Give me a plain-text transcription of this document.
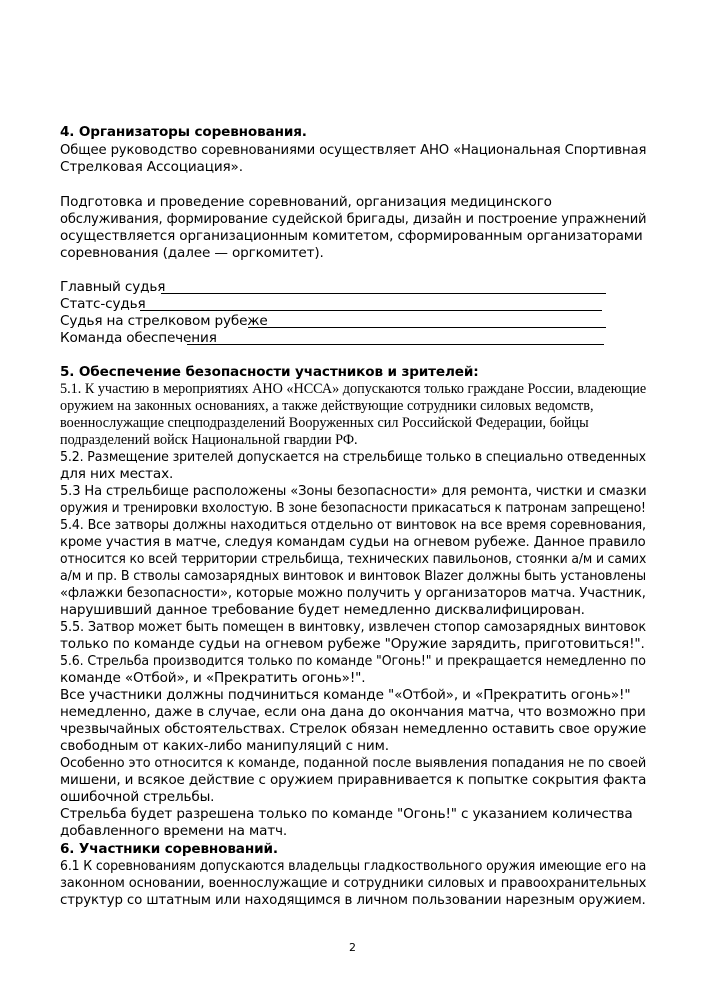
4. Организаторы соревнования.
Общее руководство соревнованиями осуществляет АНО «Национальная Спортивная
Стрелковая Ассоциация».
Подготовка и проведение соревнований, организация медицинского
обслуживания, формирование судейской бригады, дизайн и построение упражнений
осуществляется организационным комитетом, сформированным организаторами
соревнования (далее — оргкомитет).
Главный судья
Статс-судья
Судья на стрелковом рубеже
Команда обеспечения
5. Обеспечение безопасности участников и зрителей:
5.1. К участию в мероприятиях АНО «НССА» допускаются только граждане России, владеющие
оружием на законных основаниях, а также действующие сотрудники силовых ведомств,
военнослужащие спецподразделений Вооруженных сил Российской Федерации, бойцы
подразделений войск Национальной гвардии РФ.
5.2. Размещение зрителей допускается на стрельбище только в специально отведенных
для них местах.
5.3 На стрельбище расположены «Зоны безопасности» для ремонта, чистки и смазки
оружия и тренировки вхолостую. В зоне безопасности прикасаться к патронам запрещено!
5.4. Все затворы должны находиться отдельно от винтовок на все время соревнования,
кроме участия в матче, следуя командам судьи на огневом рубеже. Данное правило
относится ко всей территории стрельбища, технических павильонов, стоянки а/м и самих
а/м и пр. В стволы самозарядных винтовок и винтовок Blazer должны быть установлены
«флажки безопасности», которые можно получить у организаторов матча. Участник,
нарушивший данное требование будет немедленно дисквалифицирован.
5.5. Затвор может быть помещен в винтовку, извлечен стопор самозарядных винтовок
только по команде судьи на огневом рубеже "Оружие зарядить, приготовиться!".
5.6. Стрельба производится только по команде "Огонь!" и прекращается немедленно по
команде «Отбой», и «Прекратить огонь»!".
Все участники должны подчиниться команде "«Отбой», и «Прекратить огонь»!"
немедленно, даже в случае, если она дана до окончания матча, что возможно при
чрезвычайных обстоятельствах. Стрелок обязан немедленно оставить свое оружие
свободным от каких-либо манипуляций с ним.
Особенно это относится к команде, поданной после выявления попадания не по своей
мишени, и всякое действие с оружием приравнивается к попытке сокрытия факта
ошибочной стрельбы.
Стрельба будет разрешена только по команде "Огонь!" с указанием количества
добавленного времени на матч.
6. Участники соревнований.
6.1 К соревнованиям допускаются владельцы гладкоствольного оружия имеющие его на
законном основании, военнослужащие и сотрудники силовых и правоохранительных
структур со штатным или находящимся в личном пользовании нарезным оружием.
2
